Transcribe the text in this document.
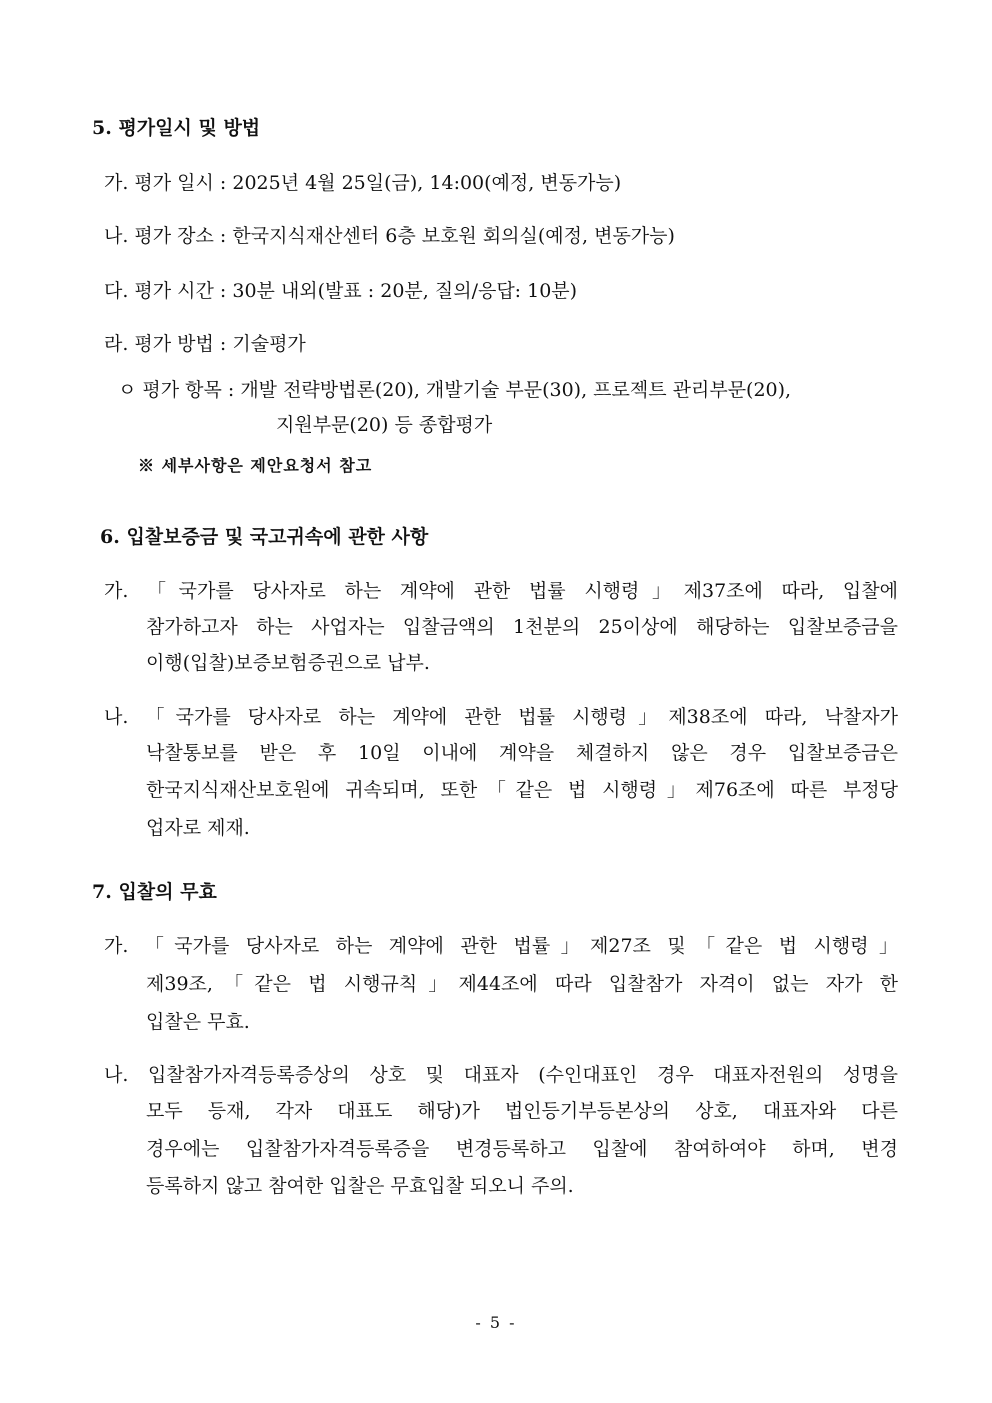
5. 평가일시 및 방법
가. 평가 일시 : 2025년 4월 25일(금), 14:00(예정, 변동가능)
나. 평가 장소 : 한국지식재산센터 6층 보호원 회의실(예정, 변동가능)
다. 평가 시간 : 30분 내외(발표 : 20분, 질의/응답: 10분)
라. 평가 방법 : 기술평가
ㅇ 평가 항목 : 개발 전략방법론(20), 개발기술 부문(30), 프로젝트 관리부문(20),
지원부문(20) 등 종합평가
※ 세부사항은 제안요청서 참고
6. 입찰보증금 및 국고귀속에 관한 사항
가. 「국가를 당사자로 하는 계약에 관한 법률 시행령」제37조에 따라, 입찰에
참가하고자 하는 사업자는 입찰금액의 1천분의 25이상에 해당하는 입찰보증금을
이행(입찰)보증보험증권으로 납부.
나. 「국가를 당사자로 하는 계약에 관한 법률 시행령」제38조에 따라, 낙찰자가
낙찰통보를 받은 후 10일 이내에 계약을 체결하지 않은 경우 입찰보증금은
한국지식재산보호원에 귀속되며, 또한「같은 법 시행령」제76조에 따른 부정당
업자로 제재.
7. 입찰의 무효
가. 「국가를 당사자로 하는 계약에 관한 법률」제27조 및「같은 법 시행령」
제39조,「같은 법 시행규칙」제44조에 따라 입찰참가 자격이 없는 자가 한
입찰은 무효.
나. 입찰참가자격등록증상의 상호 및 대표자 (수인대표인 경우 대표자전원의 성명을
모두 등재, 각자 대표도 해당)가 법인등기부등본상의 상호, 대표자와 다른
경우에는 입찰참가자격등록증을 변경등록하고 입찰에 참여하여야 하며, 변경
등록하지 않고 참여한 입찰은 무효입찰 되오니 주의.
- 5 -
